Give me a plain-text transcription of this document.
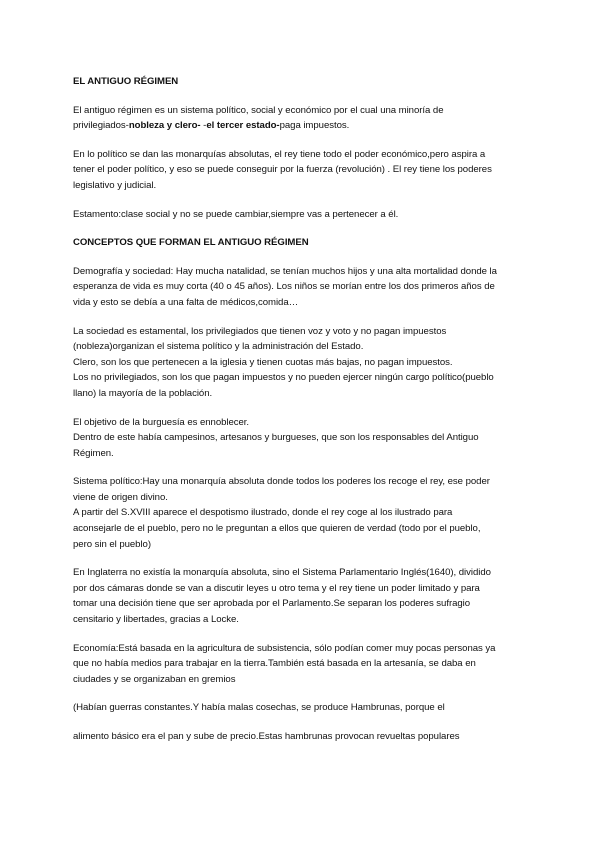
EL ANTIGUO RÉGIMEN
El antiguo régimen es un sistema político, social y económico por el cual una minoría de
privilegiados-nobleza y clero- -el tercer estado-paga impuestos.
En lo político se dan las monarquías absolutas, el rey tiene todo el poder económico,pero aspira a
tener el poder político, y eso se puede conseguir por la fuerza (revolución) . El rey tiene los poderes
legislativo y judicial.
Estamento:clase social y no se puede cambiar,siempre vas a pertenecer a él.
CONCEPTOS QUE FORMAN EL ANTIGUO RÉGIMEN
Demografía y sociedad: Hay mucha natalidad, se tenían muchos hijos y una alta mortalidad donde la
esperanza de vida es muy corta (40 o 45 años). Los niños se morían entre los dos primeros años de
vida y esto se debía a una falta de médicos,comida…
La sociedad es estamental, los privilegiados que tienen voz y voto y no pagan impuestos
(nobleza)organizan el sistema político y la administración del Estado.
Clero, son los que pertenecen a la iglesia y tienen cuotas más bajas, no pagan impuestos.
Los no privilegiados, son los que pagan impuestos y no pueden ejercer ningún cargo político(pueblo
llano) la mayoría de la población.
El objetivo de la burguesía es ennoblecer.
Dentro de este había campesinos, artesanos y burgueses, que son los responsables del Antiguo
Régimen.
Sistema político:Hay una monarquía absoluta donde todos los poderes los recoge el rey, ese poder
viene de origen divino.
A partir del S.XVIII aparece el despotismo ilustrado, donde el rey coge al los ilustrado para
aconsejarle de el pueblo, pero no le preguntan a ellos que quieren de verdad (todo por el pueblo,
pero sin el pueblo)
En Inglaterra no existía la monarquía absoluta, sino el Sistema Parlamentario Inglés(1640), dividido
por dos cámaras donde se van a discutir leyes u otro tema y el rey tiene un poder limitado y para
tomar una decisión tiene que ser aprobada por el Parlamento.Se separan los poderes sufragio
censitario y libertades, gracias a Locke.
Economía:Está basada en la agricultura de subsistencia, sólo podían comer muy pocas personas ya
que no había medios para trabajar en la tierra.También está basada en la artesanía, se daba en
ciudades y se organizaban en gremios
(Habían guerras constantes.Y había malas cosechas, se produce Hambrunas, porque el
alimento básico era el pan y sube de precio.Estas hambrunas provocan revueltas populares
